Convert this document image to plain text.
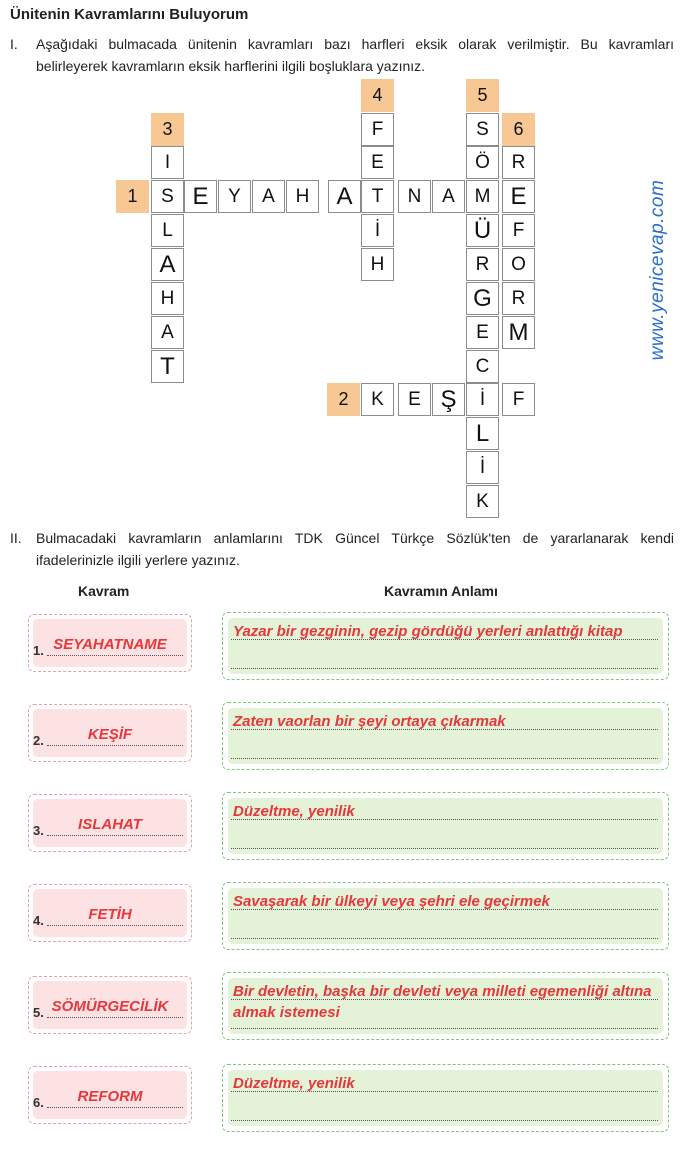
Ünitenin Kavramlarını Buluyorum
I. Aşağıdaki bulmacada ünitenin kavramları bazı harfleri eksik olarak verilmiştir. Bu kavramları belirleyerek kavramların eksik harflerini ilgili boşluklara yazınız.
1
2
3
4	5
6
S E	Y	A	H	A	T	N	A	M E
I
L
A
H
A
T
F
E
İ
H
S
Ö
Ü
R
G
E
C
L
İ
K
R
F
O
R
M
K	E Ş	İ	F
www.yenicevap.com
II. Bulmacadaki kavramların anlamlarını TDK Güncel Türkçe Sözlük'ten de yararlanarak kendi ifadelerinizle ilgili yerlere yazınız.
Kavram	Kavramın Anlamı
1. SEYAHATNAME
Yazar bir gezginin, gezip gördüğü yerleri anlattığı kitap
2.	KEŞİF
Zaten vaorlan bir şeyi ortaya çıkarmak
3.	ISLAHAT
Düzeltme, yenilik
4.	FETİH
Savaşarak bir ülkeyi veya şehri ele geçirmek
5. SÖMÜRGECİLİK
Bir devletin, başka bir devleti veya milleti egemenliği altına almak istemesi
6.	REFORM
Düzeltme, yenilik
